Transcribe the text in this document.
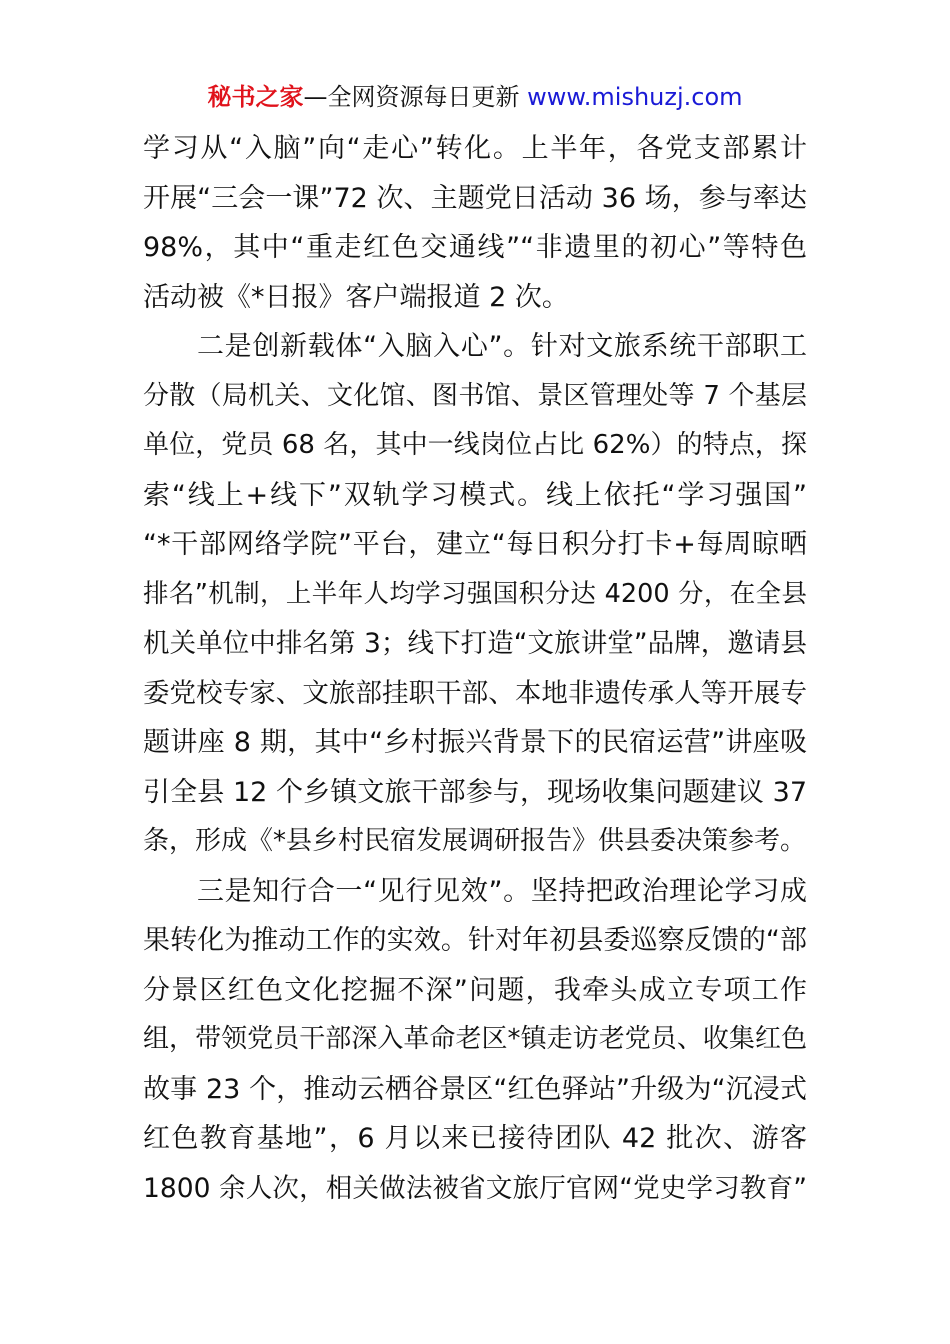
秘书之家—全网资源每日更新 www.mishuzj.com
学习从“入脑”向“走心”转化。上半年，各党支部累计
开展“三会一课”72 次、主题党日活动 36 场，参与率达
98%，其中“重走红色交通线”“非遗里的初心”等特色
活动被《*日报》客户端报道 2 次。
二是创新载体“入脑入心”。针对文旅系统干部职工
分散（局机关、文化馆、图书馆、景区管理处等 7 个基层
单位，党员 68 名，其中一线岗位占比 62%）的特点，探
索“线上+线下”双轨学习模式。线上依托“学习强国”
“*干部网络学院”平台，建立“每日积分打卡+每周晾晒
排名”机制，上半年人均学习强国积分达 4200 分，在全县
机关单位中排名第 3；线下打造“文旅讲堂”品牌，邀请县
委党校专家、文旅部挂职干部、本地非遗传承人等开展专
题讲座 8 期，其中“乡村振兴背景下的民宿运营”讲座吸
引全县 12 个乡镇文旅干部参与，现场收集问题建议 37
条，形成《*县乡村民宿发展调研报告》供县委决策参考。
三是知行合一“见行见效”。坚持把政治理论学习成
果转化为推动工作的实效。针对年初县委巡察反馈的“部
分景区红色文化挖掘不深”问题，我牵头成立专项工作
组，带领党员干部深入革命老区*镇走访老党员、收集红色
故事 23 个，推动云栖谷景区“红色驿站”升级为“沉浸式
红色教育基地”，6 月以来已接待团队 42 批次、游客
1800 余人次，相关做法被省文旅厅官网“党史学习教育”
